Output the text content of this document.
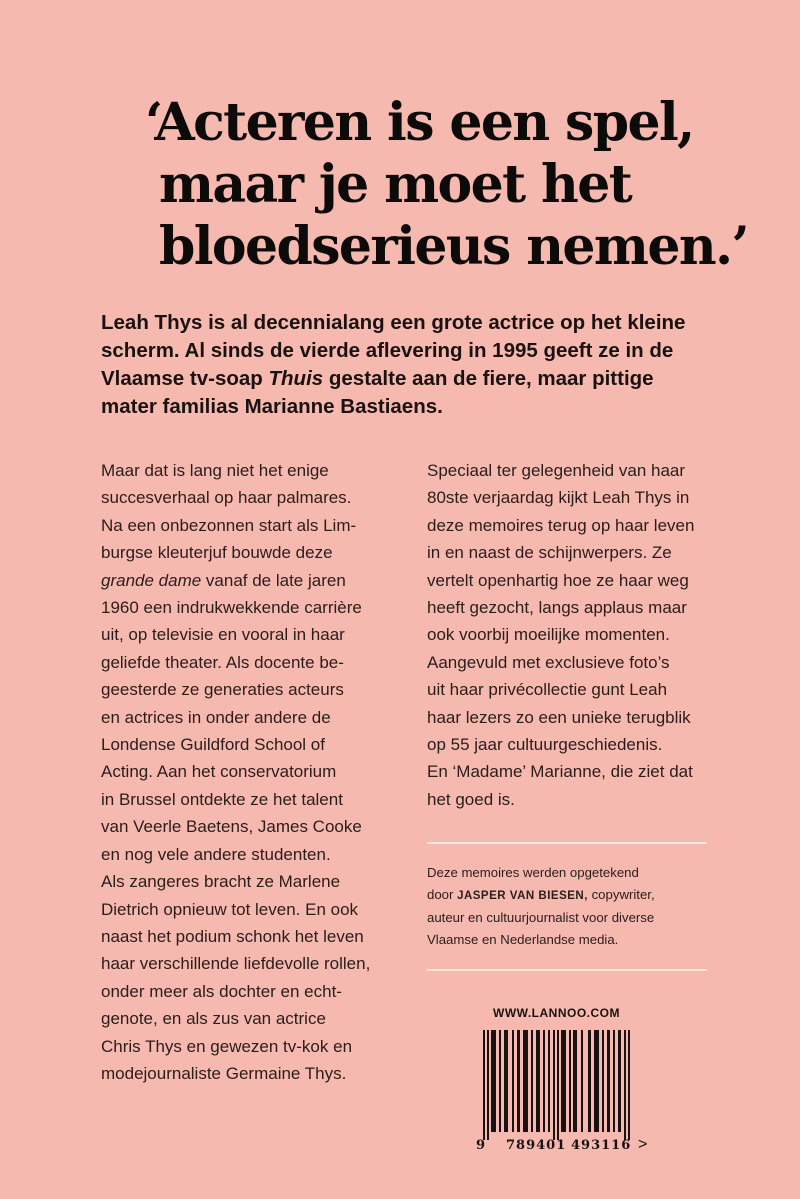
‘Acteren is een spel,
maar je moet het
bloedserieus nemen.’

Leah Thys is al decennialang een grote actrice op het kleine
scherm. Al sinds de vierde aflevering in 1995 geeft ze in de
Vlaamse tv-soap Thuis gestalte aan de fiere, maar pittige
mater familias Marianne Bastiaens.

Maar dat is lang niet het enige
succesverhaal op haar palmares.
Na een onbezonnen start als Lim-
burgse kleuterjuf bouwde deze
grande dame vanaf de late jaren
1960 een indrukwekkende carrière
uit, op televisie en vooral in haar
geliefde theater. Als docente be-
geesterde ze generaties acteurs
en actrices in onder andere de
Londense Guildford School of
Acting. Aan het conservatorium
in Brussel ontdekte ze het talent
van Veerle Baetens, James Cooke
en nog vele andere studenten.
Als zangeres bracht ze Marlene
Dietrich opnieuw tot leven. En ook
naast het podium schonk het leven
haar verschillende liefdevolle rollen,
onder meer als dochter en echt-
genote, en als zus van actrice
Chris Thys en gewezen tv-kok en
modejournaliste Germaine Thys.

Speciaal ter gelegenheid van haar
80ste verjaardag kijkt Leah Thys in
deze memoires terug op haar leven
in en naast de schijnwerpers. Ze
vertelt openhartig hoe ze haar weg
heeft gezocht, langs applaus maar
ook voorbij moeilijke momenten.
Aangevuld met exclusieve foto’s
uit haar privécollectie gunt Leah
haar lezers zo een unieke terugblik
op 55 jaar cultuurgeschiedenis.
En ‘Madame’ Marianne, die ziet dat
het goed is.

Deze memoires werden opgetekend
door JASPER VAN BIESEN, copywriter,
auteur en cultuurjournalist voor diverse
Vlaamse en Nederlandse media.

WWW.LANNOO.COM
9 789401 493116 >
